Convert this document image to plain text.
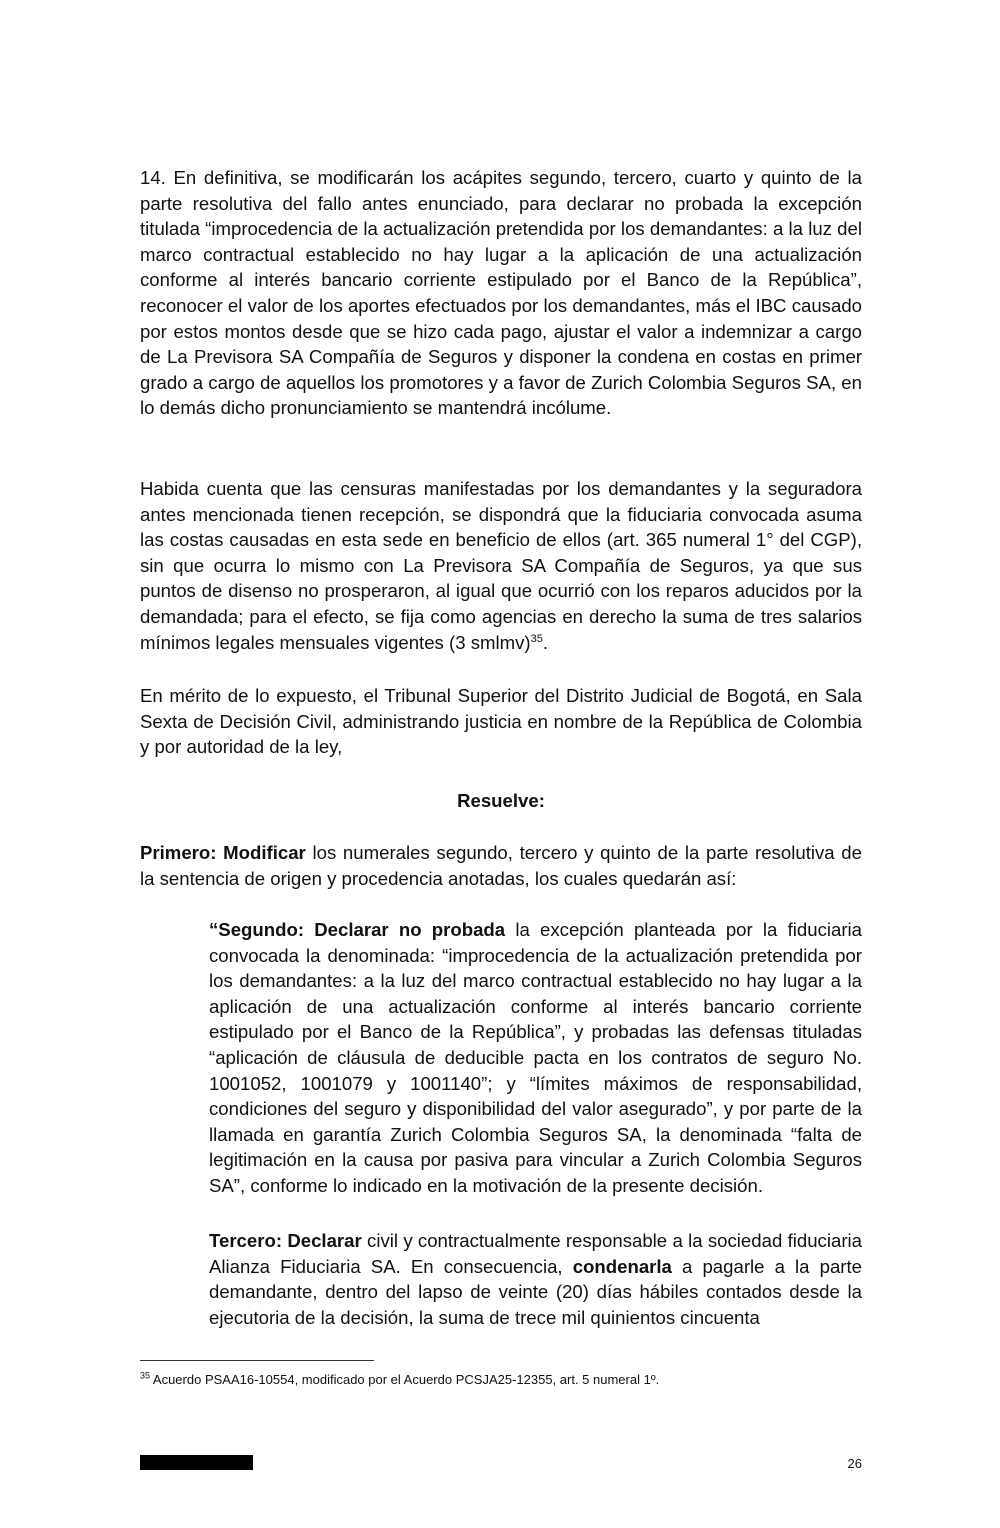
14. En definitiva, se modificarán los acápites segundo, tercero, cuarto y quinto de la parte resolutiva del fallo antes enunciado, para declarar no probada la excepción titulada “improcedencia de la actualización pretendida por los demandantes: a la luz del marco contractual establecido no hay lugar a la aplicación de una actualización conforme al interés bancario corriente estipulado por el Banco de la República”, reconocer el valor de los aportes efectuados por los demandantes, más el IBC causado por estos montos desde que se hizo cada pago, ajustar el valor a indemnizar a cargo de La Previsora SA Compañía de Seguros y disponer la condena en costas en primer grado a cargo de aquellos los promotores y a favor de Zurich Colombia Seguros SA, en lo demás dicho pronunciamiento se mantendrá incólume.

Habida cuenta que las censuras manifestadas por los demandantes y la seguradora antes mencionada tienen recepción, se dispondrá que la fiduciaria convocada asuma las costas causadas en esta sede en beneficio de ellos (art. 365 numeral 1° del CGP), sin que ocurra lo mismo con La Previsora SA Compañía de Seguros, ya que sus puntos de disenso no prosperaron, al igual que ocurrió con los reparos aducidos por la demandada; para el efecto, se fija como agencias en derecho la suma de tres salarios mínimos legales mensuales vigentes (3 smlmv)$^{35}$.

En mérito de lo expuesto, el Tribunal Superior del Distrito Judicial de Bogotá, en Sala Sexta de Decisión Civil, administrando justicia en nombre de la República de Colombia y por autoridad de la ley,

Resuelve:

Primero: Modificar los numerales segundo, tercero y quinto de la parte resolutiva de la sentencia de origen y procedencia anotadas, los cuales quedarán así:

“Segundo: Declarar no probada la excepción planteada por la fiduciaria convocada la denominada: “improcedencia de la actualización pretendida por los demandantes: a la luz del marco contractual establecido no hay lugar a la aplicación de una actualización conforme al interés bancario corriente estipulado por el Banco de la República”, y probadas las defensas tituladas “aplicación de cláusula de deducible pacta en los contratos de seguro No. 1001052, 1001079 y 1001140”; y “límites máximos de responsabilidad, condiciones del seguro y disponibilidad del valor asegurado”, y por parte de la llamada en garantía Zurich Colombia Seguros SA, la denominada “falta de legitimación en la causa por pasiva para vincular a Zurich Colombia Seguros SA”, conforme lo indicado en la motivación de la presente decisión.

Tercero: Declarar civil y contractualmente responsable a la sociedad fiduciaria Alianza Fiduciaria SA. En consecuencia, condenarla a pagarle a la parte demandante, dentro del lapso de veinte (20) días hábiles contados desde la ejecutoria de la decisión, la suma de trece mil quinientos cincuenta

$^{35}$ Acuerdo PSAA16-10554, modificado por el Acuerdo PCSJA25-12355, art. 5 numeral 1º.

26
